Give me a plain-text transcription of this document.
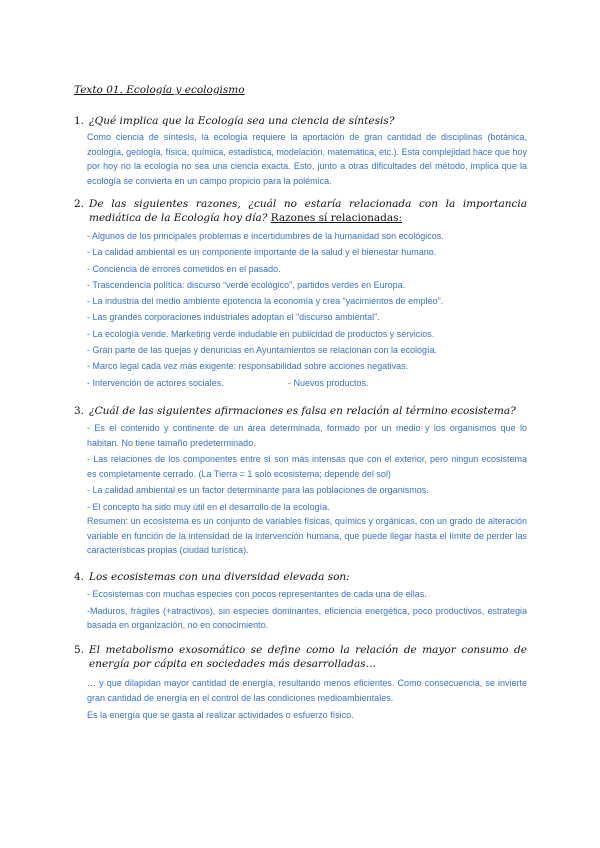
Texto 01. Ecología y ecologismo
1. ¿Qué implica que la Ecología sea una ciencia de síntesis?
Como ciencia de síntesis, la ecología requiere la aportación de gran cantidad de disciplinas (botánica, zoología, geología, física, química, estadística, modelación, matemática, etc.). Esta complejidad hace que hoy por hoy no la ecología no sea una ciencia exacta. Esto, junto a otras dificultades del método, implica que la ecología se convierta en un campo propicio para la polémica.
2. De las siguientes razones, ¿cuál no estaría relacionada con la importancia mediática de la Ecología hoy día? Razones sí relacionadas:
- Algunos de los principales problemas e incertidumbres de la humanidad son ecológicos.
- La calidad ambiental es un componente importante de la salud y el bienestar humano.
- Conciencia de errores cometidos en el pasado.
- Trascendencia política: discurso “verde ecológico”, partidos verdes en Europa.
- La industria del medio ambiente epotencia la economía y crea “yacimientos de empleo”.
- Las grandes corporaciones industriales adoptan el “discurso ambiental”.
- La ecología vende. Marketing verde indudable en publicidad de productos y servicios.
- Gran parte de las quejas y denuncias en Ayuntamientos se relacionan con la ecología.
- Marco legal cada vez más exigente: responsabilidad sobre acciones negativas.
- Intervención de actores sociales.	- Nuevos productos.
3. ¿Cuál de las siguientes afirmaciones es falsa en relación al término ecosistema?
- Es el contenido y continente de un área determinada, formado por un medio y los organismos que lo habitan. No tiene tamaño predeterminado.
- Las relaciones de los componentes entre sí son más intensas que con el exterior, pero ningun ecosistema es completamente cerrado. (La Tierra = 1 solo ecosistema; depende del sol)
- La calidad ambiental es un factor determinante para las poblaciones de organismos.
- El concepto ha sido muy útil en el desarrollo de la ecología.
Resumen: un ecosistema es un conjunto de variables físicas, químics y orgánicas, con un grado de alteración variable en función de la intensidad de la intervención humana, que puede llegar hasta el límite de perder las características propias (ciudad turística).
4. Los ecosistemas con una diversidad elevada son:
- Ecosistemas con muchas especies con pocos representantes de cada una de ellas.
-Maduros, frágiles (+atractivos), sin especies dominantes, eficiencia energética, poco productivos, estrategia basada en organización, no en conocimiento.
5. El metabolismo exosomático se define como la relación de mayor consumo de energía por cápita en sociedades más desarrolladas…
… y que dilapidan mayor cantidad de energía, resultando menos eficientes. Como consecuencia, se invierte gran cantidad de energía en el control de las condiciones medioambientales.
Es la energía que se gasta al realizar actividades o esfuerzo físico.
